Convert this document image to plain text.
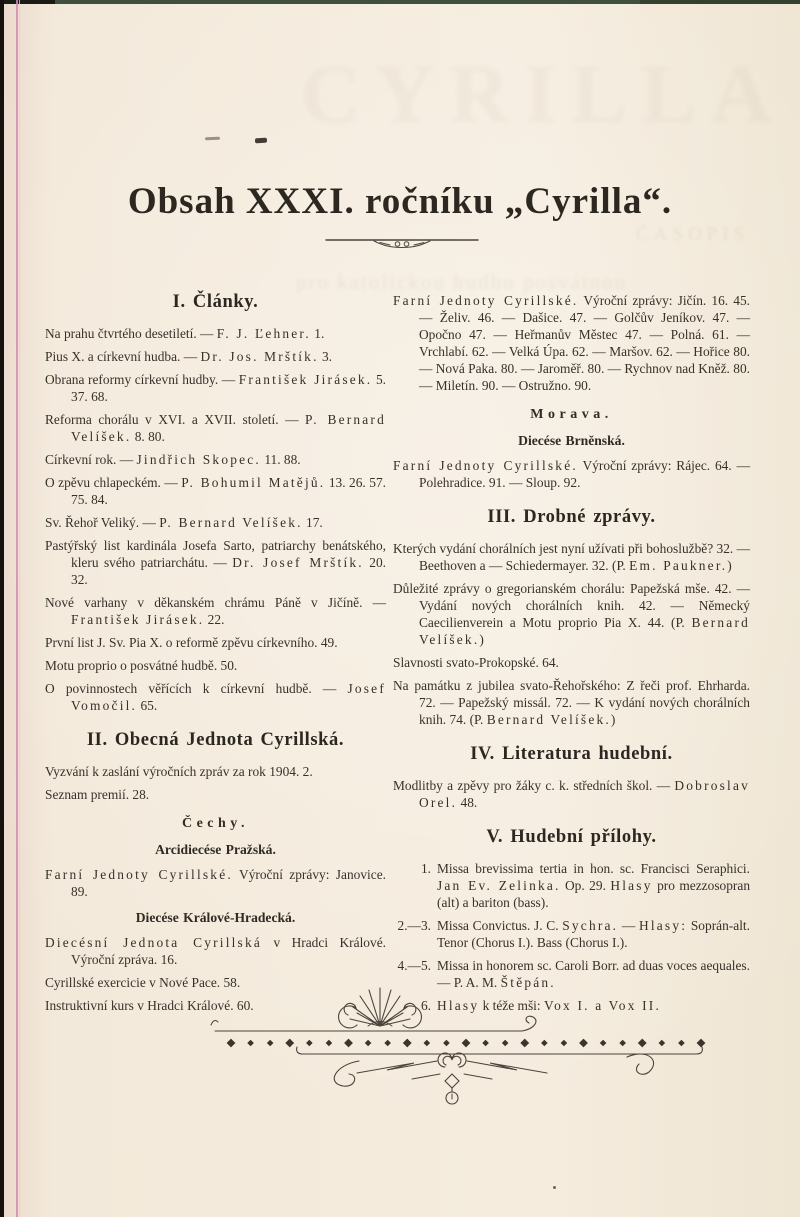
CYRILLA
ČASOPIS
pro katolickou hudbu posvátnou
Obsah XXXI. ročníku „Cyrilla“.
I. Články.
Na prahu čtvrtého desetiletí. — F. J. Ľehner. 1.
Pius X. a církevní hudba. — Dr. Jos. Mrštík. 3.
Obrana reformy církevní hudby. — František Jirásek. 5. 37. 68.
Reforma chorálu v XVI. a XVII. století. — P. Bernard Velíšek. 8. 80.
Církevní rok. — Jindřich Skopec. 11. 88.
O zpěvu chlapeckém. — P. Bohumil Matějů. 13. 26. 57. 75. 84.
Sv. Řehoř Veliký. — P. Bernard Velíšek. 17.
Pastýřský list kardinála Josefa Sarto, patriarchy benátského, kleru svého patriarchátu. — Dr. Josef Mrštík. 20. 32.
Nové varhany v děkanském chrámu Páně v Jičíně. — František Jirásek. 22.
První list J. Sv. Pia X. o reformě zpěvu církevního. 49.
Motu proprio o posvátné hudbě. 50.
O povinnostech věřících k církevní hudbě. — Josef Vomočil. 65.
II. Obecná Jednota Cyrillská.
Vyzvání k zaslání výročních zpráv za rok 1904. 2.
Seznam premií. 28.
Čechy.
Arcidiecése Pražská.
Farní Jednoty Cyrillské. Výroční zprávy: Janovice. 89.
Diecése Králové-Hradecká.
Diecésní Jednota Cyrillská v Hradci Králové. Výroční zpráva. 16.
Cyrillské exercicie v Nové Pace. 58.
Instruktivní kurs v Hradci Králové. 60.
Farní Jednoty Cyrillské. Výroční zprávy: Jičín. 16. 45. — Želiv. 46. — Dašice. 47. — Golčův Jeníkov. 47. — Opočno 47. — Heřmanův Městec 47. — Polná. 61. — Vrchlabí. 62. — Velká Úpa. 62. — Maršov. 62. — Hořice 80. — Nová Paka. 80. — Jaroměř. 80. — Rychnov nad Kněž. 80. — Miletín. 90. — Ostružno. 90.
Morava.
Diecése Brněnská.
Farní Jednoty Cyrillské. Výroční zprávy: Rájec. 64. — Polehradice. 91. — Sloup. 92.
III. Drobné zprávy.
Kterých vydání chorálních jest nyní užívati při bohoslužbě? 32. — Beethoven a — Schiedermayer. 32. (P. Em. Paukner.)
Důležité zprávy o gregorianském chorálu: Papežská mše. 42. — Vydání nových chorálních knih. 42. — Německý Caecilienverein a Motu proprio Pia X. 44. (P. Bernard Velíšek.)
Slavnosti svato-Prokopské. 64.
Na památku z jubilea svato-Řehořského: Z řeči prof. Ehrharda. 72. — Papežský missál. 72. — K vydání nových chorálních knih. 74. (P. Bernard Velíšek.)
IV. Literatura hudební.
Modlitby a zpěvy pro žáky c. k. středních škol. — Dobroslav Orel. 48.
V. Hudební přílohy.
1. Missa brevissima tertia in hon. sc. Francisci Seraphici. Jan Ev. Zelinka. Op. 29. Hlasy pro mezzosopran (alt) a bariton (bass).
2.—3. Missa Convictus. J. C. Sychra. — Hlasy: Soprán-alt. Tenor (Chorus I.). Bass (Chorus I.).
4.—5. Missa in honorem sc. Caroli Borr. ad duas voces aequales. — P. A. M. Štěpán.
6. Hlasy k téže mši: Vox I. a Vox II.
